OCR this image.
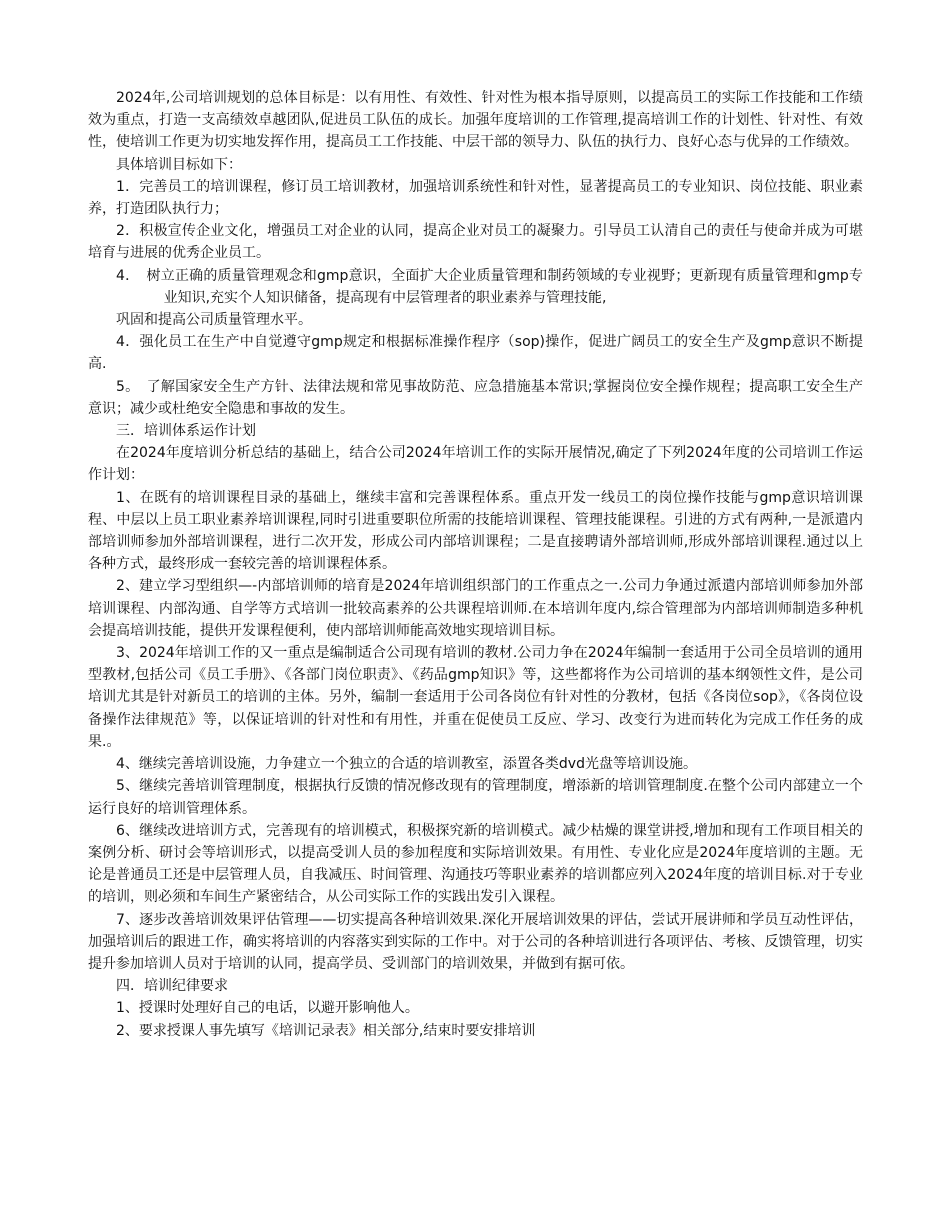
2024年,公司培训规划的总体目标是：以有用性、有效性、针对性为根本指导原则，以提高员工的实际工作技能和工作绩效为重点，打造一支高绩效卓越团队,促进员工队伍的成长。加强年度培训的工作管理,提高培训工作的计划性、针对性、有效性，使培训工作更为切实地发挥作用，提高员工工作技能、中层干部的领导力、队伍的执行力、良好心态与优异的工作绩效。

具体培训目标如下：

1．完善员工的培训课程，修订员工培训教材，加强培训系统性和针对性，显著提高员工的专业知识、岗位技能、职业素养，打造团队执行力；

2．积极宣传企业文化，增强员工对企业的认同，提高企业对员工的凝聚力。引导员工认清自己的责任与使命并成为可堪培育与进展的优秀企业员工。

4．　树立正确的质量管理观念和gmp意识，全面扩大企业质量管理和制药领域的专业视野；更新现有质量管理和gmp专业知识,充实个人知识储备，提高现有中层管理者的职业素养与管理技能,

巩固和提高公司质量管理水平。

4．强化员工在生产中自觉遵守gmp规定和根据标准操作程序（sop)操作，促进广阔员工的安全生产及gmp意识不断提高.

5。　了解国家安全生产方针、法律法规和常见事故防范、应急措施基本常识;掌握岗位安全操作规程；提高职工安全生产意识；减少或杜绝安全隐患和事故的发生。

三．培训体系运作计划

在2024年度培训分析总结的基础上，结合公司2024年培训工作的实际开展情况,确定了下列2024年度的公司培训工作运作计划：

1、在既有的培训课程目录的基础上，继续丰富和完善课程体系。重点开发一线员工的岗位操作技能与gmp意识培训课程、中层以上员工职业素养培训课程,同时引进重要职位所需的技能培训课程、管理技能课程。引进的方式有两种,一是派遣内部培训师参加外部培训课程，进行二次开发，形成公司内部培训课程；二是直接聘请外部培训师,形成外部培训课程.通过以上各种方式，最终形成一套较完善的培训课程体系。

2、建立学习型组织—-内部培训师的培育是2024年培训组织部门的工作重点之一.公司力争通过派遣内部培训师参加外部培训课程、内部沟通、自学等方式培训一批较高素养的公共课程培训师.在本培训年度内,综合管理部为内部培训师制造多种机会提高培训技能，提供开发课程便利，使内部培训师能高效地实现培训目标。

3、2024年培训工作的又一重点是编制适合公司现有培训的教材.公司力争在2024年编制一套适用于公司全员培训的通用型教材,包括公司《员工手册》、《各部门岗位职责》、《药品gmp知识》等，这些都将作为公司培训的基本纲领性文件，是公司培训尤其是针对新员工的培训的主体。另外，编制一套适用于公司各岗位有针对性的分教材，包括《各岗位sop》，《各岗位设备操作法律规范》等，以保证培训的针对性和有用性，并重在促使员工反应、学习、改变行为进而转化为完成工作任务的成果.。

4、继续完善培训设施，力争建立一个独立的合适的培训教室，添置各类dvd光盘等培训设施。

5、继续完善培训管理制度，根据执行反馈的情况修改现有的管理制度，增添新的培训管理制度.在整个公司内部建立一个运行良好的培训管理体系。

6、继续改进培训方式，完善现有的培训模式，积极探究新的培训模式。减少枯燥的课堂讲授,增加和现有工作项目相关的案例分析、研讨会等培训形式，以提高受训人员的参加程度和实际培训效果。有用性、专业化应是2024年度培训的主题。无论是普通员工还是中层管理人员，自我减压、时间管理、沟通技巧等职业素养的培训都应列入2024年度的培训目标.对于专业的培训，则必须和车间生产紧密结合，从公司实际工作的实践出发引入课程。

7、逐步改善培训效果评估管理——切实提高各种培训效果.深化开展培训效果的评估，尝试开展讲师和学员互动性评估，加强培训后的跟进工作，确实将培训的内容落实到实际的工作中。对于公司的各种培训进行各项评估、考核、反馈管理，切实提升参加培训人员对于培训的认同，提高学员、受训部门的培训效果，并做到有据可依。

四．培训纪律要求

1、授课时处理好自己的电话，以避开影响他人。

2、要求授课人事先填写《培训记录表》相关部分,结束时要安排培训
